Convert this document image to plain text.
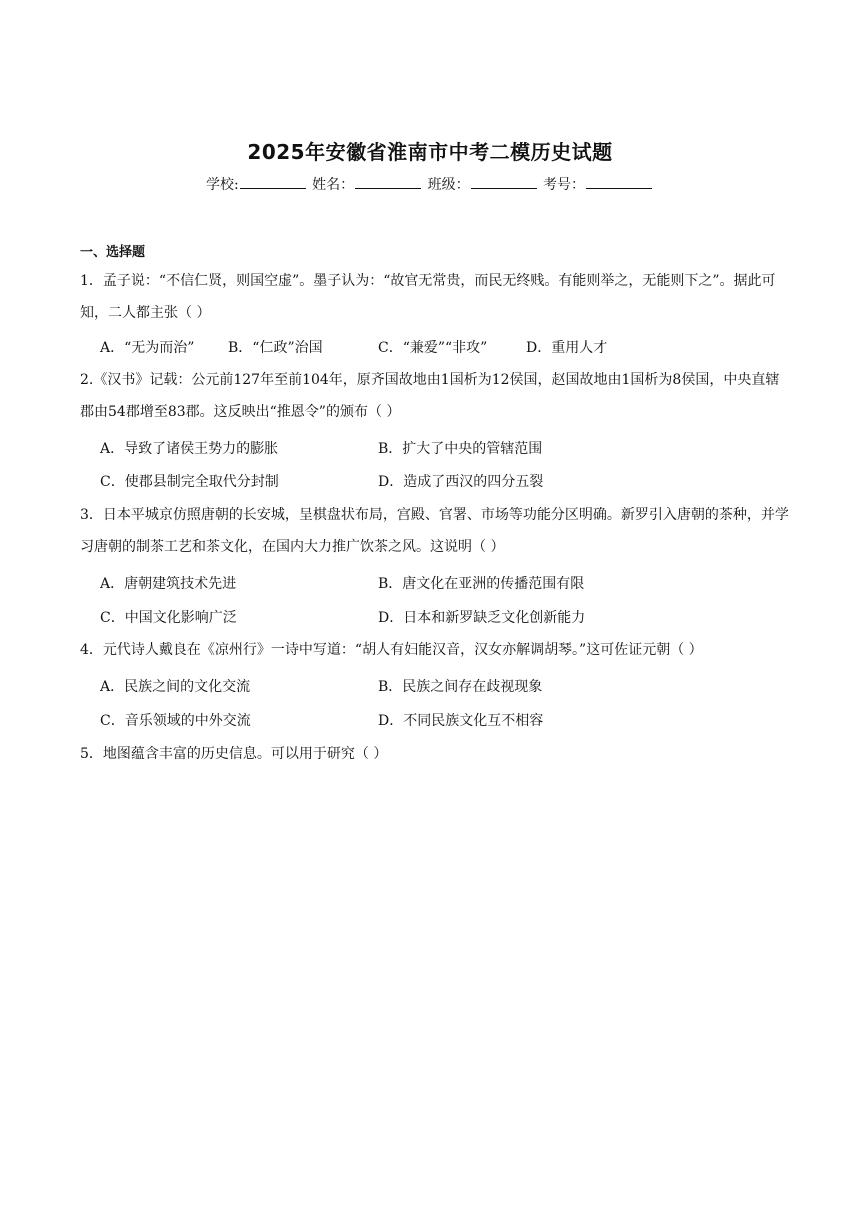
2025年安徽省淮南市中考二模历史试题
学校:	姓名：	班级：	考号：
一、选择题
1．孟子说：“不信仁贤，则国空虚”。墨子认为：“故官无常贵，而民无终贱。有能则举之，无能则下之”。据此可知，二人都主张（ ）
A．“无为而治” B．“仁政”治国	C．“兼爱”“非攻”	D．重用人才
2.《汉书》记载：公元前127年至前104年，原齐国故地由1国析为12侯国，赵国故地由1国析为8侯国，中央直辖郡由54郡增至83郡。这反映出“推恩令”的颁布（ ）
A．导致了诸侯王势力的膨胀	B．扩大了中央的管辖范围
C．使郡县制完全取代分封制	D．造成了西汉的四分五裂
3．日本平城京仿照唐朝的长安城，呈棋盘状布局，宫殿、官署、市场等功能分区明确。新罗引入唐朝的茶种，并学习唐朝的制茶工艺和茶文化，在国内大力推广饮茶之风。这说明（ ）
A．唐朝建筑技术先进	B．唐文化在亚洲的传播范围有限
C．中国文化影响广泛	D．日本和新罗缺乏文化创新能力
4．元代诗人戴良在《凉州行》一诗中写道：“胡人有妇能汉音，汉女亦解调胡琴。”这可佐证元朝（ ）
A．民族之间的文化交流	B．民族之间存在歧视现象
C．音乐领域的中外交流	D．不同民族文化互不相容
5．地图蕴含丰富的历史信息。可以用于研究（ ）
